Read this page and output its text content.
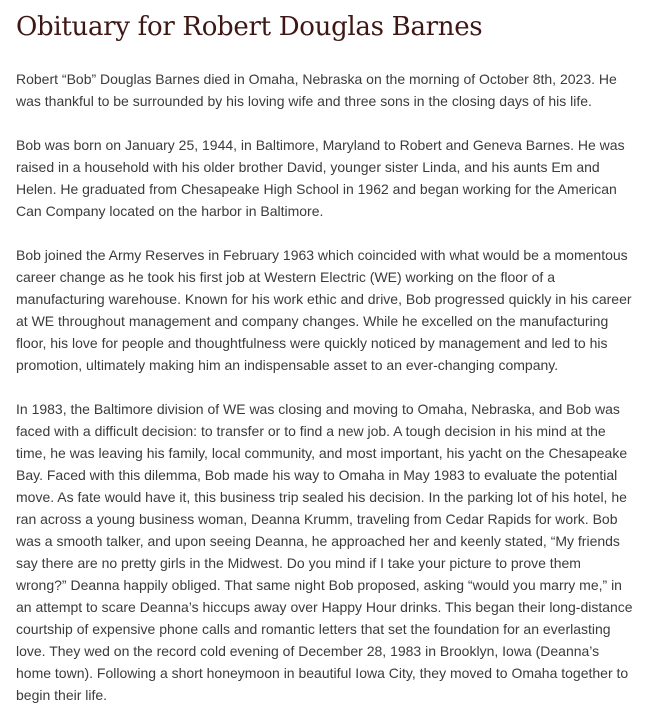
Obituary for Robert Douglas Barnes

Robert “Bob” Douglas Barnes died in Omaha, Nebraska on the morning of October 8th, 2023. He was thankful to be surrounded by his loving wife and three sons in the closing days of his life.

Bob was born on January 25, 1944, in Baltimore, Maryland to Robert and Geneva Barnes. He was raised in a household with his older brother David, younger sister Linda, and his aunts Em and Helen. He graduated from Chesapeake High School in 1962 and began working for the American Can Company located on the harbor in Baltimore.

Bob joined the Army Reserves in February 1963 which coincided with what would be a momentous career change as he took his first job at Western Electric (WE) working on the floor of a manufacturing warehouse. Known for his work ethic and drive, Bob progressed quickly in his career at WE throughout management and company changes. While he excelled on the manufacturing floor, his love for people and thoughtfulness were quickly noticed by management and led to his promotion, ultimately making him an indispensable asset to an ever-changing company.

In 1983, the Baltimore division of WE was closing and moving to Omaha, Nebraska, and Bob was faced with a difficult decision: to transfer or to find a new job. A tough decision in his mind at the time, he was leaving his family, local community, and most important, his yacht on the Chesapeake Bay. Faced with this dilemma, Bob made his way to Omaha in May 1983 to evaluate the potential move. As fate would have it, this business trip sealed his decision. In the parking lot of his hotel, he ran across a young business woman, Deanna Krumm, traveling from Cedar Rapids for work. Bob was a smooth talker, and upon seeing Deanna, he approached her and keenly stated, “My friends say there are no pretty girls in the Midwest. Do you mind if I take your picture to prove them wrong?” Deanna happily obliged. That same night Bob proposed, asking “would you marry me,” in an attempt to scare Deanna’s hiccups away over Happy Hour drinks. This began their long-distance courtship of expensive phone calls and romantic letters that set the foundation for an everlasting love. They wed on the record cold evening of December 28, 1983 in Brooklyn, Iowa (Deanna’s home town). Following a short honeymoon in beautiful Iowa City, they moved to Omaha together to begin their life.
